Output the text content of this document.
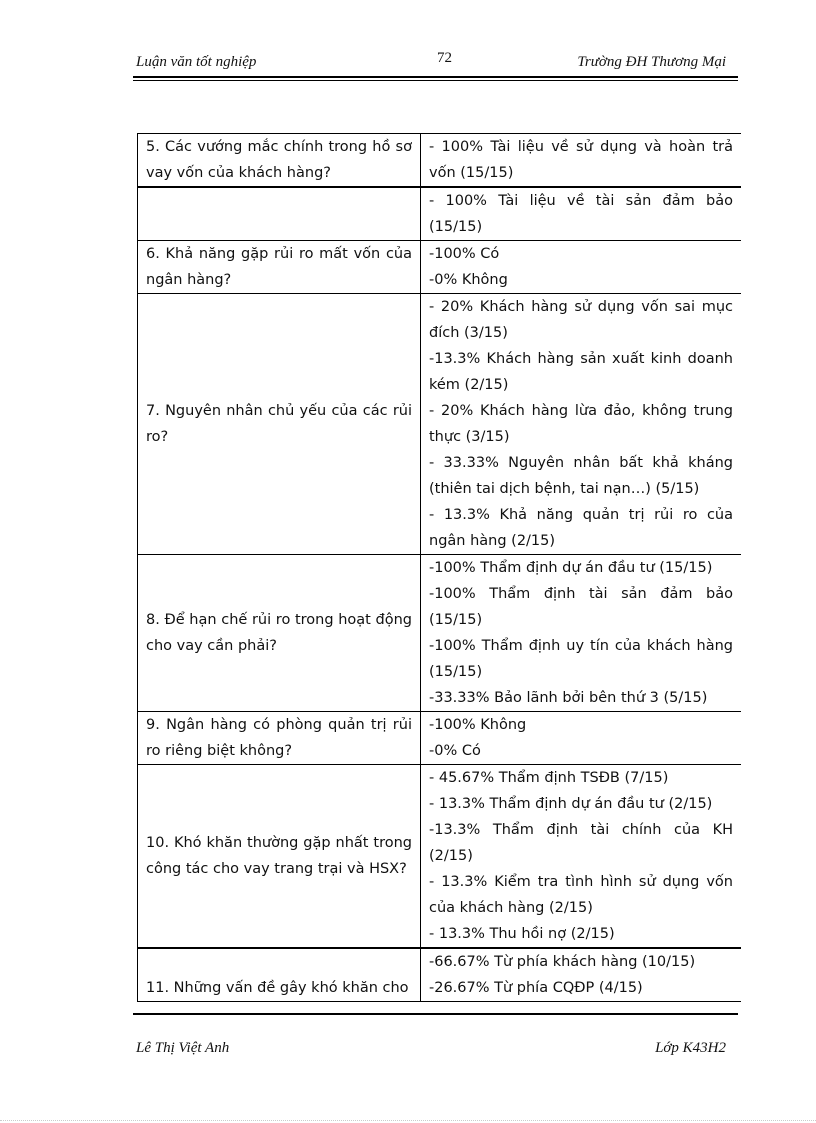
Luận văn tốt nghiệp	72	Trường ĐH Thương Mại
5. Các vướng mắc chính trong hồ sơ vay vốn của khách hàng?	- 100% Tài liệu về sử dụng và hoàn trả vốn (15/15)

	- 100% Tài liệu về tài sản đảm bảo (15/15)

6. Khả năng gặp rủi ro mất vốn của ngân hàng?	-100% Có
-0% Không

7. Nguyên nhân chủ yếu của các rủi ro?	- 20% Khách hàng sử dụng vốn sai mục đích (3/15)
-13.3% Khách hàng sản xuất kinh doanh kém (2/15)
- 20% Khách hàng lừa đảo, không trung thực (3/15)
- 33.33% Nguyên nhân bất khả kháng (thiên tai dịch bệnh, tai nạn…) (5/15)
- 13.3% Khả năng quản trị rủi ro của ngân hàng (2/15)

8. Để hạn chế rủi ro trong hoạt động cho vay cần phải?	-100% Thẩm định dự án đầu tư (15/15)
-100% Thẩm định tài sản đảm bảo (15/15)
-100% Thẩm định uy tín của khách hàng (15/15)
-33.33% Bảo lãnh bởi bên thứ 3 (5/15)

9. Ngân hàng có phòng quản trị rủi ro riêng biệt không?	-100% Không
-0% Có

10. Khó khăn thường gặp nhất trong công tác cho vay trang trại và HSX?	- 45.67% Thẩm định TSĐB (7/15)
- 13.3% Thẩm định dự án đầu tư (2/15)
-13.3% Thẩm định tài chính của KH (2/15)
- 13.3% Kiểm tra tình hình sử dụng vốn của khách hàng (2/15)
- 13.3% Thu hồi nợ (2/15)

11. Những vấn đề gây khó khăn cho	-66.67% Từ phía khách hàng (10/15)
-26.67% Từ phía CQĐP (4/15)
Lê Thị Việt Anh	Lớp K43H2
